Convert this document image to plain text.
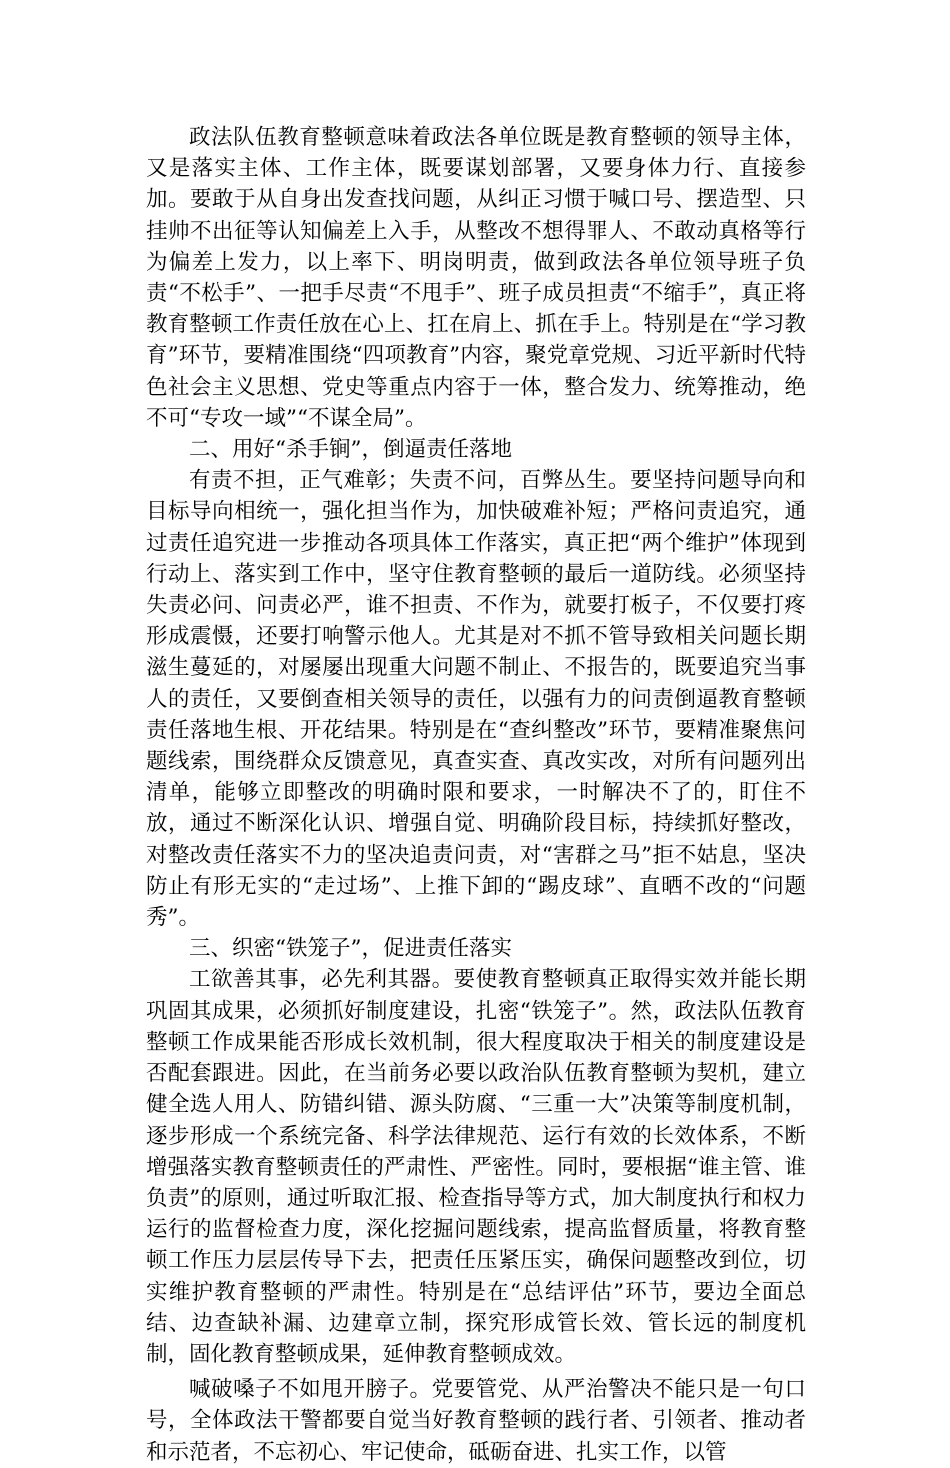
政法队伍教育整顿意味着政法各单位既是教育整顿的领导主体，又是落实主体、工作主体，既要谋划部署，又要身体力行、直接参加。要敢于从自身出发查找问题，从纠正习惯于喊口号、摆造型、只挂帅不出征等认知偏差上入手，从整改不想得罪人、不敢动真格等行为偏差上发力，以上率下、明岗明责，做到政法各单位领导班子负责“不松手”、一把手尽责“不甩手”、班子成员担责“不缩手”，真正将教育整顿工作责任放在心上、扛在肩上、抓在手上。特别是在“学习教育”环节，要精准围绕“四项教育”内容，聚党章党规、习近平新时代特色社会主义思想、党史等重点内容于一体，整合发力、统筹推动，绝不可“专攻一域”“不谋全局”。

二、用好“杀手锏”，倒逼责任落地

有责不担，正气难彰；失责不问，百弊丛生。要坚持问题导向和目标导向相统一，强化担当作为，加快破难补短；严格问责追究，通过责任追究进一步推动各项具体工作落实，真正把“两个维护”体现到行动上、落实到工作中，坚守住教育整顿的最后一道防线。必须坚持失责必问、问责必严，谁不担责、不作为，就要打板子，不仅要打疼形成震慑，还要打响警示他人。尤其是对不抓不管导致相关问题长期滋生蔓延的，对屡屡出现重大问题不制止、不报告的，既要追究当事人的责任，又要倒查相关领导的责任，以强有力的问责倒逼教育整顿责任落地生根、开花结果。特别是在“查纠整改”环节，要精准聚焦问题线索，围绕群众反馈意见，真查实查、真改实改，对所有问题列出清单，能够立即整改的明确时限和要求，一时解决不了的，盯住不放，通过不断深化认识、增强自觉、明确阶段目标，持续抓好整改，对整改责任落实不力的坚决追责问责，对“害群之马”拒不姑息，坚决防止有形无实的“走过场”、上推下卸的“踢皮球”、直晒不改的“问题秀”。

三、织密“铁笼子”，促进责任落实

工欲善其事，必先利其器。要使教育整顿真正取得实效并能长期巩固其成果，必须抓好制度建设，扎密“铁笼子”。然，政法队伍教育整顿工作成果能否形成长效机制，很大程度取决于相关的制度建设是否配套跟进。因此，在当前务必要以政治队伍教育整顿为契机，建立健全选人用人、防错纠错、源头防腐、“三重一大”决策等制度机制，逐步形成一个系统完备、科学法律规范、运行有效的长效体系，不断增强落实教育整顿责任的严肃性、严密性。同时，要根据“谁主管、谁负责”的原则，通过听取汇报、检查指导等方式，加大制度执行和权力运行的监督检查力度，深化挖掘问题线索，提高监督质量，将教育整顿工作压力层层传导下去，把责任压紧压实，确保问题整改到位，切实维护教育整顿的严肃性。特别是在“总结评估”环节，要边全面总结、边查缺补漏、边建章立制，探究形成管长效、管长远的制度机制，固化教育整顿成果，延伸教育整顿成效。

喊破嗓子不如甩开膀子。党要管党、从严治警决不能只是一句口号，全体政法干警都要自觉当好教育整顿的践行者、引领者、推动者和示范者，不忘初心、牢记使命，砥砺奋进、扎实工作，以管
